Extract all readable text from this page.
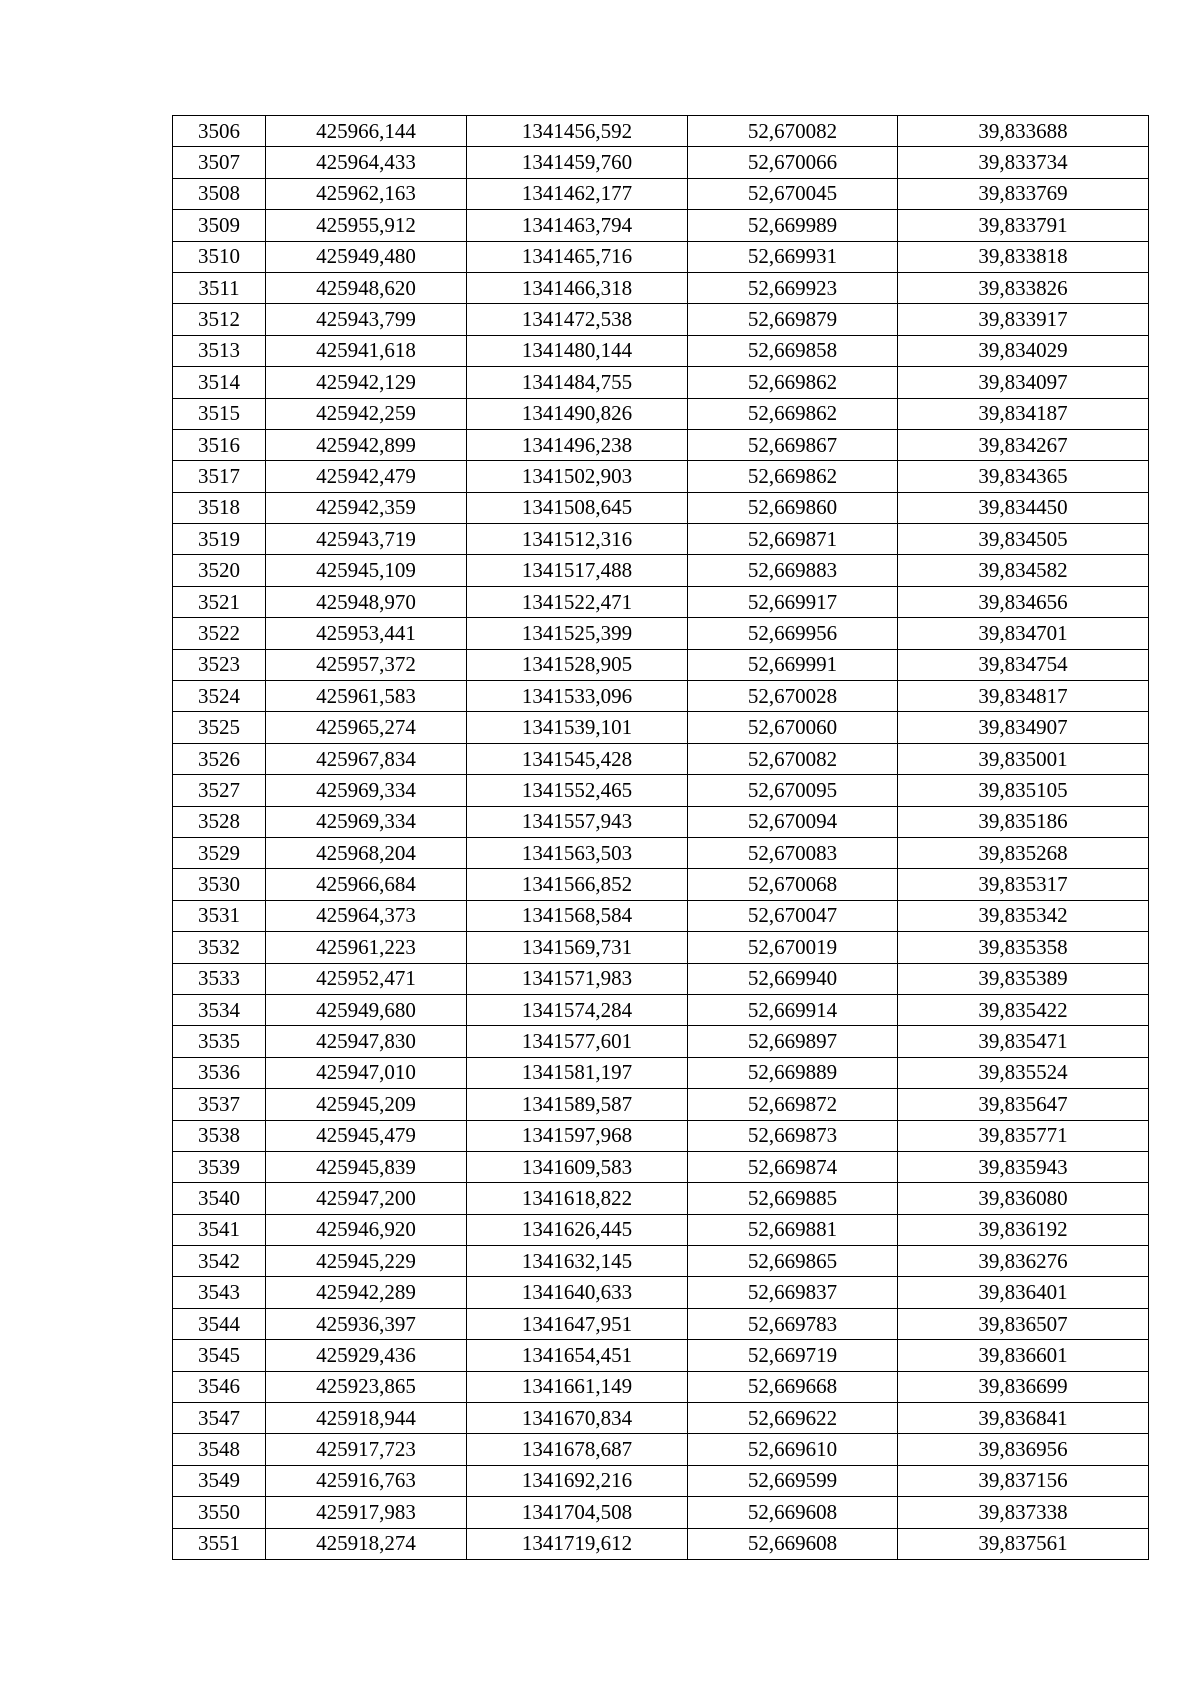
3506	425966,144	1341456,592	52,670082	39,833688
3507	425964,433	1341459,760	52,670066	39,833734
3508	425962,163	1341462,177	52,670045	39,833769
3509	425955,912	1341463,794	52,669989	39,833791
3510	425949,480	1341465,716	52,669931	39,833818
3511	425948,620	1341466,318	52,669923	39,833826
3512	425943,799	1341472,538	52,669879	39,833917
3513	425941,618	1341480,144	52,669858	39,834029
3514	425942,129	1341484,755	52,669862	39,834097
3515	425942,259	1341490,826	52,669862	39,834187
3516	425942,899	1341496,238	52,669867	39,834267
3517	425942,479	1341502,903	52,669862	39,834365
3518	425942,359	1341508,645	52,669860	39,834450
3519	425943,719	1341512,316	52,669871	39,834505
3520	425945,109	1341517,488	52,669883	39,834582
3521	425948,970	1341522,471	52,669917	39,834656
3522	425953,441	1341525,399	52,669956	39,834701
3523	425957,372	1341528,905	52,669991	39,834754
3524	425961,583	1341533,096	52,670028	39,834817
3525	425965,274	1341539,101	52,670060	39,834907
3526	425967,834	1341545,428	52,670082	39,835001
3527	425969,334	1341552,465	52,670095	39,835105
3528	425969,334	1341557,943	52,670094	39,835186
3529	425968,204	1341563,503	52,670083	39,835268
3530	425966,684	1341566,852	52,670068	39,835317
3531	425964,373	1341568,584	52,670047	39,835342
3532	425961,223	1341569,731	52,670019	39,835358
3533	425952,471	1341571,983	52,669940	39,835389
3534	425949,680	1341574,284	52,669914	39,835422
3535	425947,830	1341577,601	52,669897	39,835471
3536	425947,010	1341581,197	52,669889	39,835524
3537	425945,209	1341589,587	52,669872	39,835647
3538	425945,479	1341597,968	52,669873	39,835771
3539	425945,839	1341609,583	52,669874	39,835943
3540	425947,200	1341618,822	52,669885	39,836080
3541	425946,920	1341626,445	52,669881	39,836192
3542	425945,229	1341632,145	52,669865	39,836276
3543	425942,289	1341640,633	52,669837	39,836401
3544	425936,397	1341647,951	52,669783	39,836507
3545	425929,436	1341654,451	52,669719	39,836601
3546	425923,865	1341661,149	52,669668	39,836699
3547	425918,944	1341670,834	52,669622	39,836841
3548	425917,723	1341678,687	52,669610	39,836956
3549	425916,763	1341692,216	52,669599	39,837156
3550	425917,983	1341704,508	52,669608	39,837338
3551	425918,274	1341719,612	52,669608	39,837561
